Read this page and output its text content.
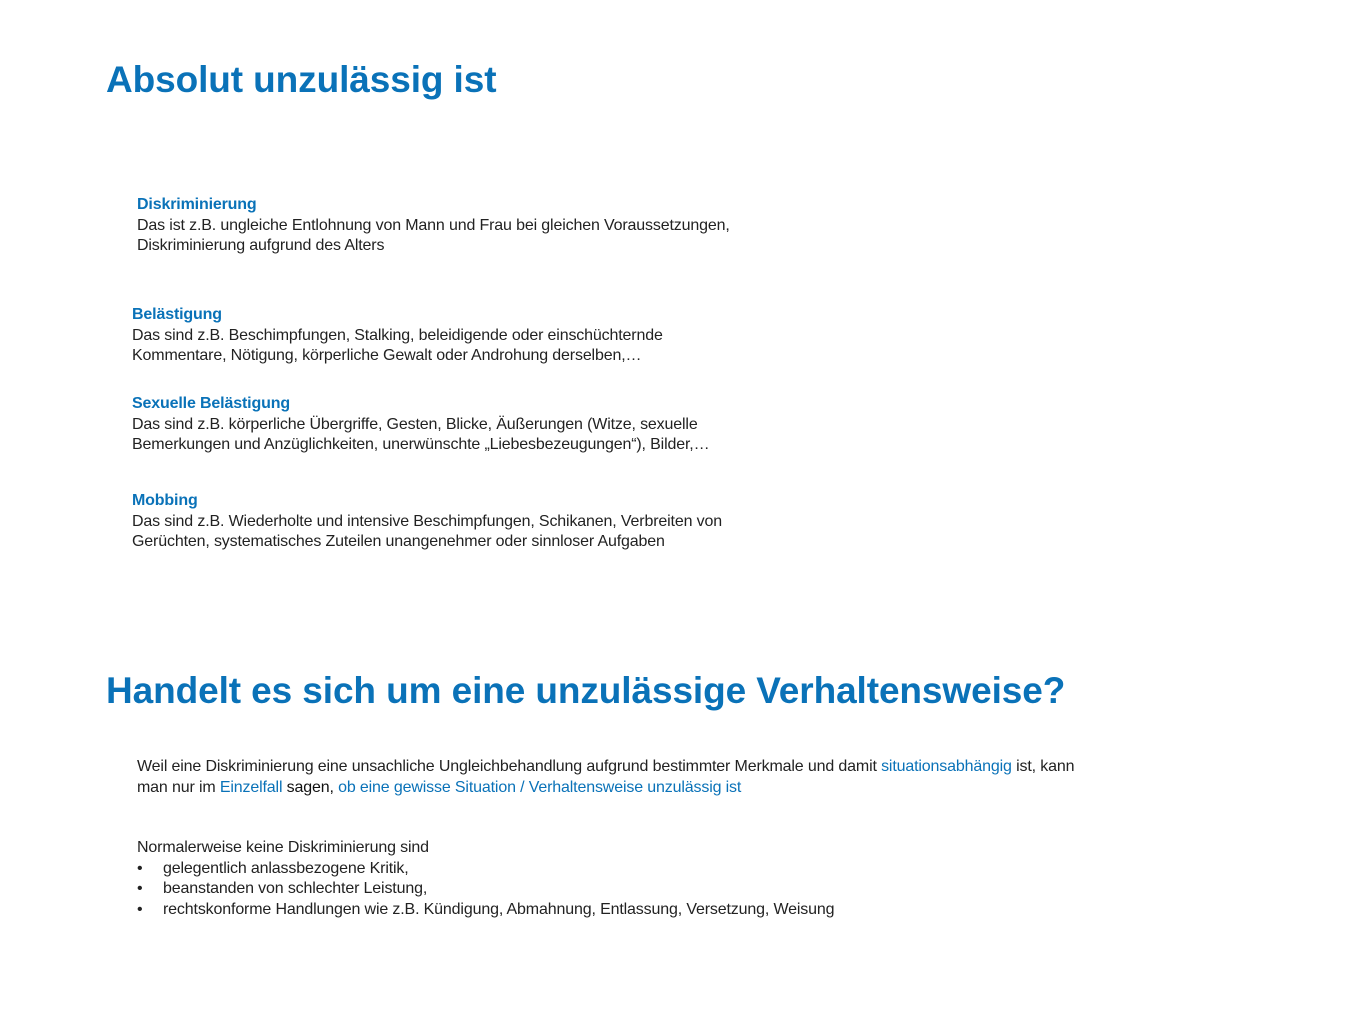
Absolut unzulässig ist
Diskriminierung
Das ist z.B. ungleiche Entlohnung von Mann und Frau bei gleichen Voraussetzungen,
Diskriminierung aufgrund des Alters
Belästigung
Das sind z.B. Beschimpfungen, Stalking, beleidigende oder einschüchternde
Kommentare, Nötigung, körperliche Gewalt oder Androhung derselben,…
Sexuelle Belästigung
Das sind z.B. körperliche Übergriffe, Gesten, Blicke, Äußerungen (Witze, sexuelle
Bemerkungen und Anzüglichkeiten, unerwünschte „Liebesbezeugungen“), Bilder,…
Mobbing
Das sind z.B. Wiederholte und intensive Beschimpfungen, Schikanen, Verbreiten von
Gerüchten, systematisches Zuteilen unangenehmer oder sinnloser Aufgaben
Handelt es sich um eine unzulässige Verhaltensweise?
Weil eine Diskriminierung eine unsachliche Ungleichbehandlung aufgrund bestimmter Merkmale und damit situationsabhängig ist, kann
man nur im Einzelfall sagen, ob eine gewisse Situation / Verhaltensweise unzulässig ist
Normalerweise keine Diskriminierung sind
• gelegentlich anlassbezogene Kritik,
• beanstanden von schlechter Leistung,
• rechtskonforme Handlungen wie z.B. Kündigung, Abmahnung, Entlassung, Versetzung, Weisung
